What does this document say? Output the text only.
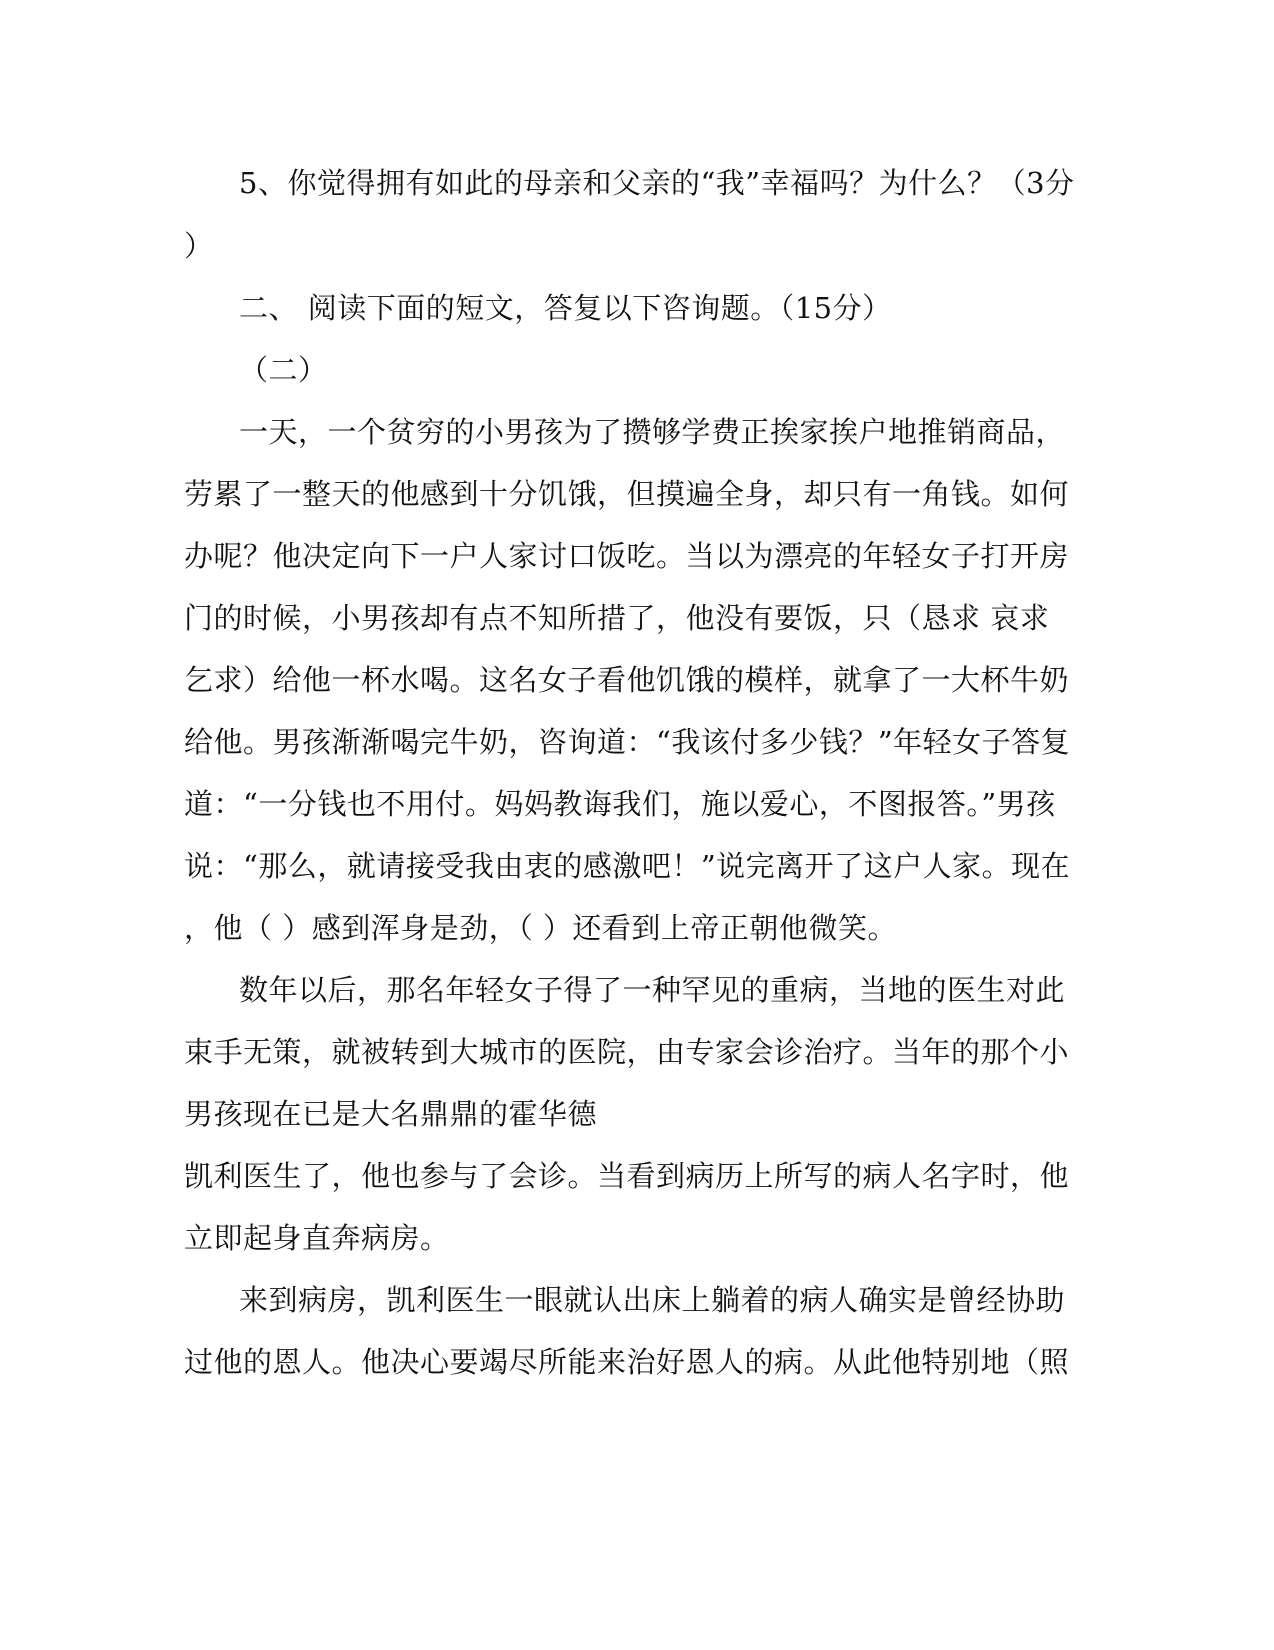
5、你觉得拥有如此的母亲和父亲的“我”幸福吗？为什么？（3分

）

二、 阅读下面的短文，答复以下咨询题。（15分）

（二）

一天，一个贫穷的小男孩为了攒够学费正挨家挨户地推销商品，

劳累了一整天的他感到十分饥饿，但摸遍全身，却只有一角钱。如何

办呢？他决定向下一户人家讨口饭吃。当以为漂亮的年轻女子打开房

门的时候，小男孩却有点不知所措了，他没有要饭，只（恳求 哀求

乞求）给他一杯水喝。这名女子看他饥饿的模样，就拿了一大杯牛奶

给他。男孩渐渐喝完牛奶，咨询道：“我该付多少钱？”年轻女子答复

道：“一分钱也不用付。妈妈教诲我们，施以爱心，不图报答。”男孩

说：“那么，就请接受我由衷的感激吧！”说完离开了这户人家。现在

，他（ ）感到浑身是劲，（ ）还看到上帝正朝他微笑。

数年以后，那名年轻女子得了一种罕见的重病，当地的医生对此

束手无策，就被转到大城市的医院，由专家会诊治疗。当年的那个小

男孩现在已是大名鼎鼎的霍华德

凯利医生了，他也参与了会诊。当看到病历上所写的病人名字时，他

立即起身直奔病房。

来到病房，凯利医生一眼就认出床上躺着的病人确实是曾经协助

过他的恩人。他决心要竭尽所能来治好恩人的病。从此他特别地（照
